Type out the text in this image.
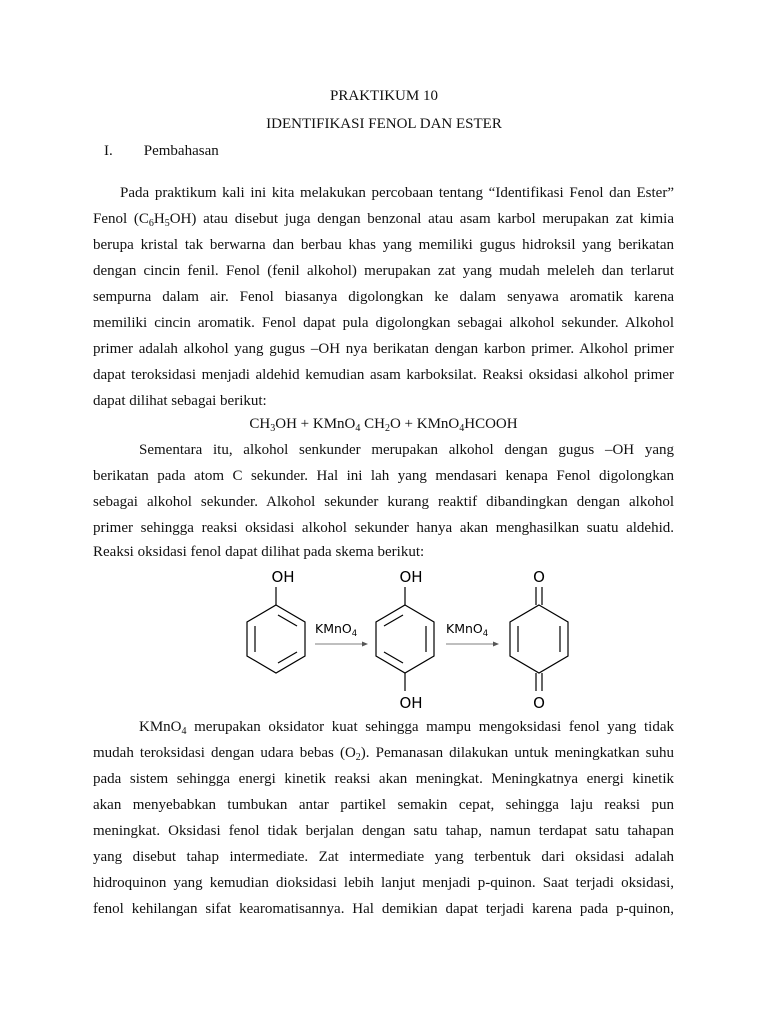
PRAKTIKUM 10
IDENTIFIKASI FENOL DAN ESTER
I. Pembahasan
Pada praktikum kali ini kita melakukan percobaan tentang “Identifikasi Fenol dan Ester”
Fenol $(C_6H_5OH)$ atau disebut juga dengan benzonal atau asam karbol merupakan zat kimia
berupa kristal tak berwarna dan berbau khas yang memiliki gugus hidroksil yang berikatan
dengan cincin fenil. Fenol (fenil alkohol) merupakan zat yang mudah meleleh dan terlarut
sempurna dalam air. Fenol biasanya digolongkan ke dalam senyawa aromatik karena
memiliki cincin aromatik. Fenol dapat pula digolongkan sebagai alkohol sekunder. Alkohol
primer adalah alkohol yang gugus –OH nya berikatan dengan karbon primer. Alkohol primer
dapat teroksidasi menjadi aldehid kemudian asam karboksilat. Reaksi oksidasi alkohol primer
dapat dilihat sebagai berikut:
$CH_3OH$ + KMnO$_4$ $CH_2O$ + KMnO$_4$HCOOH
Sementara itu, alkohol senkunder merupakan alkohol dengan gugus –OH yang
berikatan pada atom C sekunder. Hal ini lah yang mendasari kenapa Fenol digolongkan
sebagai alkohol sekunder. Alkohol sekunder kurang reaktif dibandingkan dengan alkohol
primer sehingga reaksi oksidasi alkohol sekunder hanya akan menghasilkan suatu aldehid.
Reaksi oksidasi fenol dapat dilihat pada skema berikut:
OH
KMnO$_4$
OH
OH
KMnO$_4$
O
O
KMnO$_4$ merupakan oksidator kuat sehingga mampu mengoksidasi fenol yang tidak
mudah teroksidasi dengan udara bebas $(O_2)$. Pemanasan dilakukan untuk meningkatkan suhu
pada sistem sehingga energi kinetik reaksi akan meningkat. Meningkatnya energi kinetik
akan menyebabkan tumbukan antar partikel semakin cepat, sehingga laju reaksi pun
meningkat. Oksidasi fenol tidak berjalan dengan satu tahap, namun terdapat satu tahapan
yang disebut tahap intermediate. Zat intermediate yang terbentuk dari oksidasi adalah
hidroquinon yang kemudian dioksidasi lebih lanjut menjadi p-quinon. Saat terjadi oksidasi,
fenol kehilangan sifat kearomatisannya. Hal demikian dapat terjadi karena pada p-quinon,
